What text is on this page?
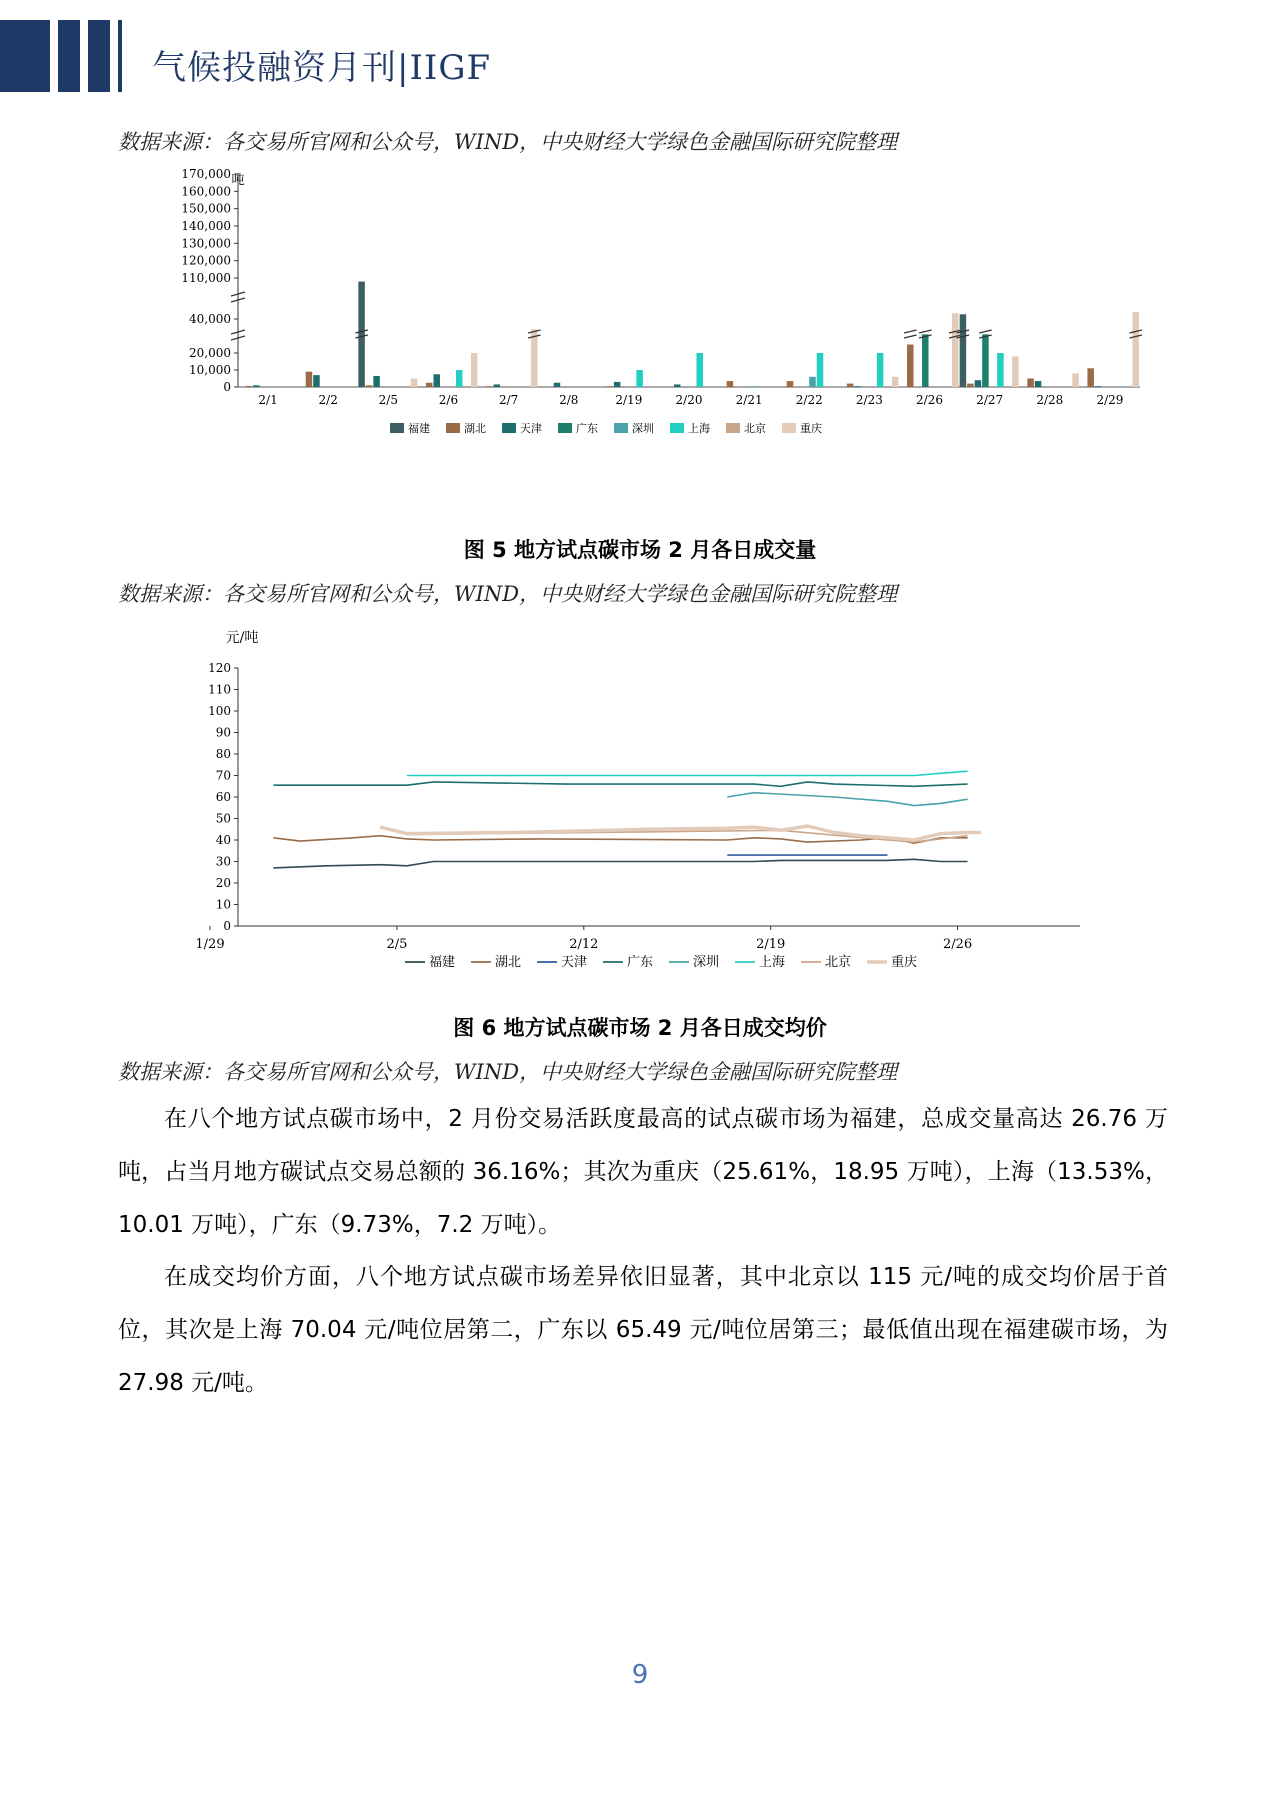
气候投融资月刊|IIGF
数据来源：各交易所官网和公众号，WIND，中央财经大学绿色金融国际研究院整理
吨
0
10,000
20,000
40,000
110,000
120,000
130,000
140,000
150,000
160,000
170,000
2/1	2/2	2/5	2/6	2/7	2/8	2/19	2/20	2/21	2/22	2/23	2/26	2/27	2/28	2/29
福建	湖北	天津	广东	深圳	上海	北京	重庆
图 5 地方试点碳市场 2 月各日成交量
数据来源：各交易所官网和公众号，WIND，中央财经大学绿色金融国际研究院整理
元/吨
0
10
20
30
40
50
60
70
80
90
100
110
120
1/29	2/5	2/12	2/19	2/26
福建	湖北	天津	广东	深圳	上海	北京	重庆
图 6 地方试点碳市场 2 月各日成交均价
数据来源：各交易所官网和公众号，WIND，中央财经大学绿色金融国际研究院整理
在八个地方试点碳市场中，2 月份交易活跃度最高的试点碳市场为福建，总成交量高达 26.76 万吨，占当月地方碳试点交易总额的 36.16%；其次为重庆（25.61%，18.95 万吨），上海（13.53%，10.01 万吨），广东（9.73%，7.2 万吨）。
在成交均价方面，八个地方试点碳市场差异依旧显著，其中北京以 115 元/吨的成交均价居于首位，其次是上海 70.04 元/吨位居第二，广东以 65.49 元/吨位居第三；最低值出现在福建碳市场，为 27.98 元/吨。
9
